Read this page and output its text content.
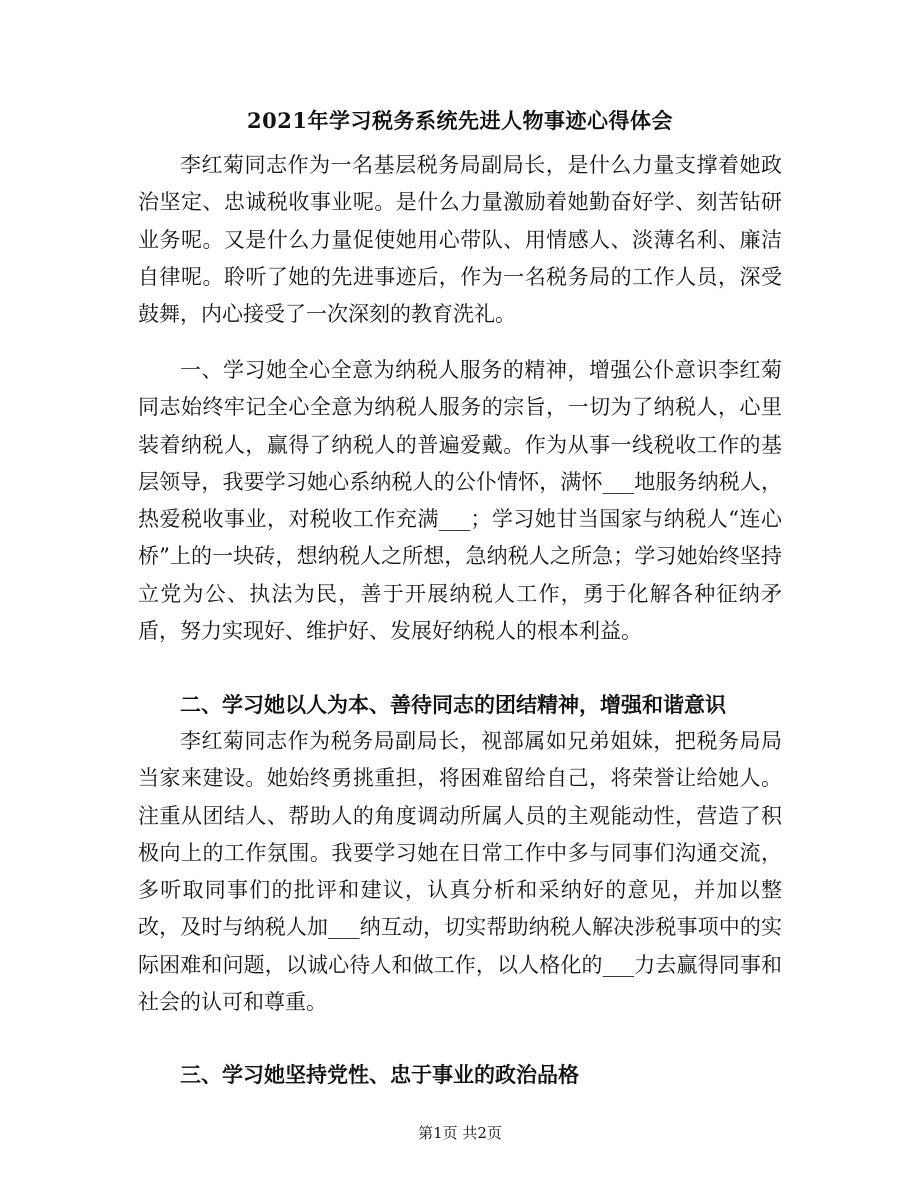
2021年学习税务系统先进人物事迹心得体会

李红菊同志作为一名基层税务局副局长，是什么力量支撑着她政治坚定、忠诚税收事业呢。是什么力量激励着她勤奋好学、刻苦钻研业务呢。又是什么力量促使她用心带队、用情感人、淡薄名利、廉洁自律呢。聆听了她的先进事迹后，作为一名税务局的工作人员，深受鼓舞，内心接受了一次深刻的教育洗礼。

一、学习她全心全意为纳税人服务的精神，增强公仆意识李红菊同志始终牢记全心全意为纳税人服务的宗旨，一切为了纳税人，心里装着纳税人，赢得了纳税人的普遍爱戴。作为从事一线税收工作的基层领导，我要学习她心系纳税人的公仆情怀，满怀___地服务纳税人，热爱税收事业，对税收工作充满___；学习她甘当国家与纳税人“连心桥”上的一块砖，想纳税人之所想，急纳税人之所急；学习她始终坚持立党为公、执法为民，善于开展纳税人工作，勇于化解各种征纳矛盾，努力实现好、维护好、发展好纳税人的根本利益。

二、学习她以人为本、善待同志的团结精神，增强和谐意识

李红菊同志作为税务局副局长，视部属如兄弟姐妹，把税务局局当家来建设。她始终勇挑重担，将困难留给自己，将荣誉让给她人。注重从团结人、帮助人的角度调动所属人员的主观能动性，营造了积极向上的工作氛围。我要学习她在日常工作中多与同事们沟通交流，多听取同事们的批评和建议，认真分析和采纳好的意见，并加以整改，及时与纳税人加___纳互动，切实帮助纳税人解决涉税事项中的实际困难和问题，以诚心待人和做工作，以人格化的___力去赢得同事和社会的认可和尊重。

三、学习她坚持党性、忠于事业的政治品格
第1页 共2页
